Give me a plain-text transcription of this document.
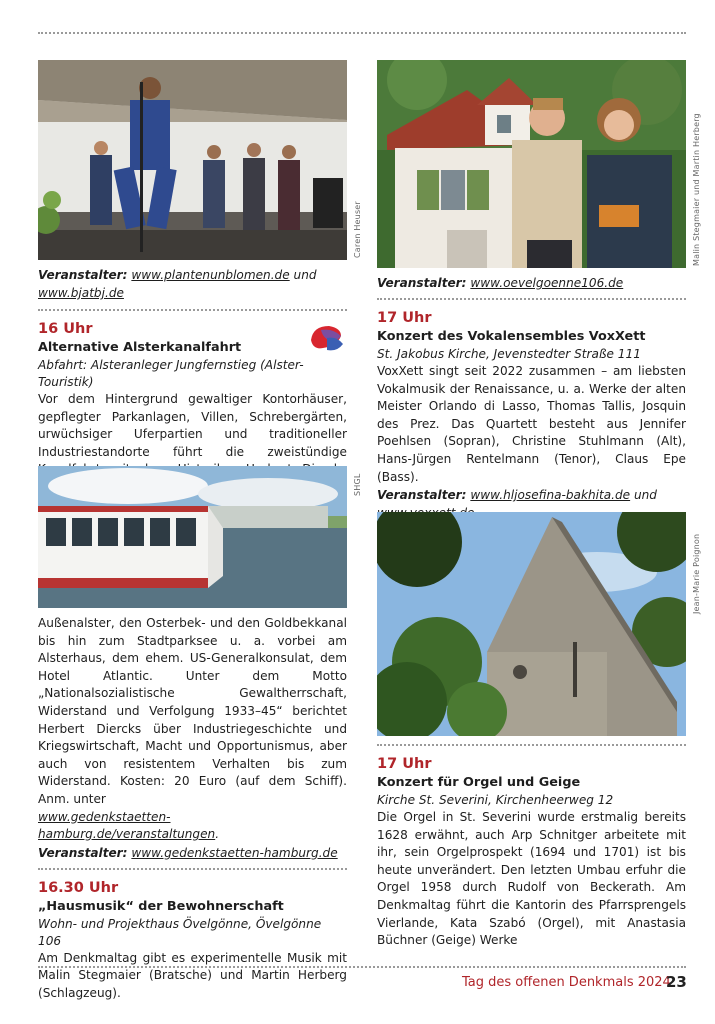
Caren Heuser	Malin Stegmaier und Martin Herberg
Veranstalter: www.plantenunblomen.de und
www.bjatbj.de
16 Uhr
Alternative Alsterkanalfahrt
Abfahrt: Alsteranleger Jungfernstieg (Alster-Touristik)
Vor dem Hintergrund gewaltiger Kontorhäuser, gepflegter Parkanlagen, Villen, Schrebergärten, urwüchsiger Uferpartien und traditioneller Industriestandorte führt die zweistündige
SHGL
Außenalster, den Osterbek- und den Goldbekkanal bis hin zum Stadtparksee u. a. vorbei am Alsterhaus, dem ehem. US-Generalkonsulat, dem Hotel Atlantic. Unter dem Motto „Nationalsozialistische Gewaltherrschaft, Widerstand und Verfolgung 1933–45“ berichtet Herbert Diercks über Industriegeschichte und Kriegswirtschaft, Macht und Opportunismus, aber auch von resistentem Verhalten bis zum Widerstand. Kosten: 20 Euro (auf dem Schiff). Anm. unter
www.gedenkstaetten-hamburg.de/veranstaltungen.
Veranstalter: www.gedenkstaetten-hamburg.de
16.30 Uhr
„Hausmusik“ der Bewohnerschaft
Wohn- und Projekthaus Övelgönne, Övelgönne 106
Am Denkmaltag gibt es experimentelle Musik mit Malin Stegmaier (Bratsche) und Martin Herberg (Schlagzeug).
Veranstalter: www.oevelgoenne106.de
17 Uhr
Konzert des Vokalensembles VoxXett
St. Jakobus Kirche, Jevenstedter Straße 111
VoxXett singt seit 2022 zusammen – am liebsten Vokalmusik der Renaissance, u. a. Werke der alten Meister Orlando di Lasso, Thomas Tallis, Josquin des Prez. Das Quartett besteht aus Jennifer Poehlsen (Sopran), Christine Stuhlmann (Alt), Hans-Jürgen Rentelmann (Tenor), Claus Epe (Bass).
Veranstalter: www.hljosefina-bakhita.de und

Jean-Marie Poignon
17 Uhr
Konzert für Orgel und Geige
Kirche St. Severini, Kirchenheerweg 12
Die Orgel in St. Severini wurde erstmalig bereits 1628 erwähnt, auch Arp Schnitger arbeitete mit ihr, sein Orgelprospekt (1694 und 1701) ist bis heute unverändert. Den letzten Umbau erfuhr die Orgel 1958 durch Rudolf von Beckerath. Am Denkmaltag führt die Kantorin des Pfarrsprengels Vierlande, Kata Szabó (Orgel), mit Anastasia Büchner (Geige) Werke
Tag des offenen Denkmals 2024
23
